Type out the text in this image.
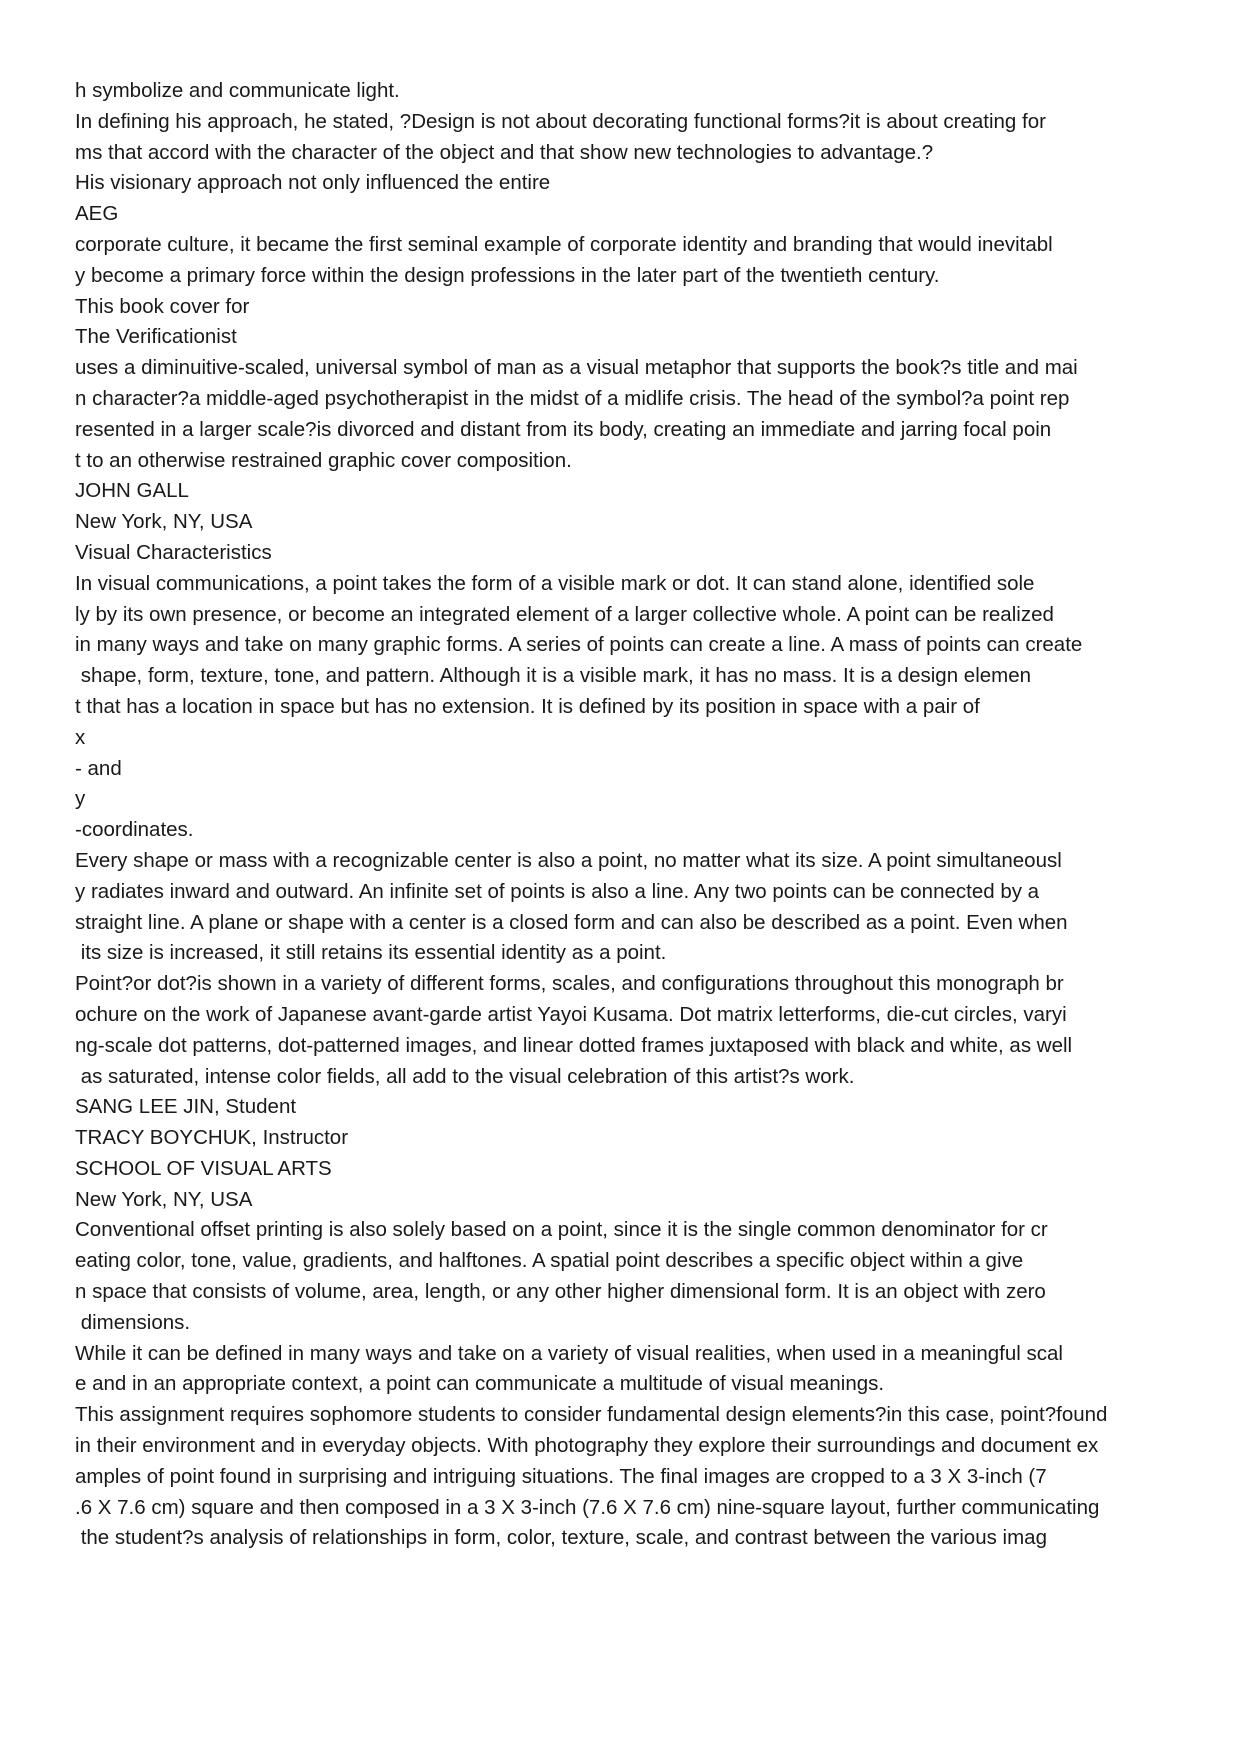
h symbolize and communicate light.

In defining his approach, he stated, ?Design is not about decorating functional forms?it is about creating for

ms that accord with the character of the object and that show new technologies to advantage.?

His visionary approach not only influenced the entire

AEG

corporate culture, it became the first seminal example of corporate identity and branding that would inevitabl

y become a primary force within the design professions in the later part of the twentieth century.

This book cover for

The Verificationist

uses a diminuitive-scaled, universal symbol of man as a visual metaphor that supports the book?s title and mai

n character?a middle-aged psychotherapist in the midst of a midlife crisis. The head of the symbol?a point rep

resented in a larger scale?is divorced and distant from its body, creating an immediate and jarring focal poin

t to an otherwise restrained graphic cover composition.

JOHN GALL

New York, NY, USA

Visual Characteristics

In visual communications, a point takes the form of a visible mark or dot. It can stand alone, identified sole

ly by its own presence, or become an integrated element of a larger collective whole. A point can be realized

in many ways and take on many graphic forms. A series of points can create a line. A mass of points can create

shape, form, texture, tone, and pattern. Although it is a visible mark, it has no mass. It is a design elemen

t that has a location in space but has no extension. It is defined by its position in space with a pair of

x

- and

y

-coordinates.

Every shape or mass with a recognizable center is also a point, no matter what its size. A point simultaneousl

y radiates inward and outward. An infinite set of points is also a line. Any two points can be connected by a

straight line. A plane or shape with a center is a closed form and can also be described as a point. Even when

its size is increased, it still retains its essential identity as a point.

Point?or dot?is shown in a variety of different forms, scales, and configurations throughout this monograph br

ochure on the work of Japanese avant-garde artist Yayoi Kusama. Dot matrix letterforms, die-cut circles, varyi

ng-scale dot patterns, dot-patterned images, and linear dotted frames juxtaposed with black and white, as well

as saturated, intense color fields, all add to the visual celebration of this artist?s work.

SANG LEE JIN, Student

TRACY BOYCHUK, Instructor

SCHOOL OF VISUAL ARTS

New York, NY, USA

Conventional offset printing is also solely based on a point, since it is the single common denominator for cr

eating color, tone, value, gradients, and halftones. A spatial point describes a specific object within a give

n space that consists of volume, area, length, or any other higher dimensional form. It is an object with zero

dimensions.

While it can be defined in many ways and take on a variety of visual realities, when used in a meaningful scal

e and in an appropriate context, a point can communicate a multitude of visual meanings.

This assignment requires sophomore students to consider fundamental design elements?in this case, point?found

in their environment and in everyday objects. With photography they explore their surroundings and document ex

amples of point found in surprising and intriguing situations. The final images are cropped to a 3 X 3-inch (7

.6 X 7.6 cm) square and then composed in a 3 X 3-inch (7.6 X 7.6 cm) nine-square layout, further communicating

the student?s analysis of relationships in form, color, texture, scale, and contrast between the various imag
